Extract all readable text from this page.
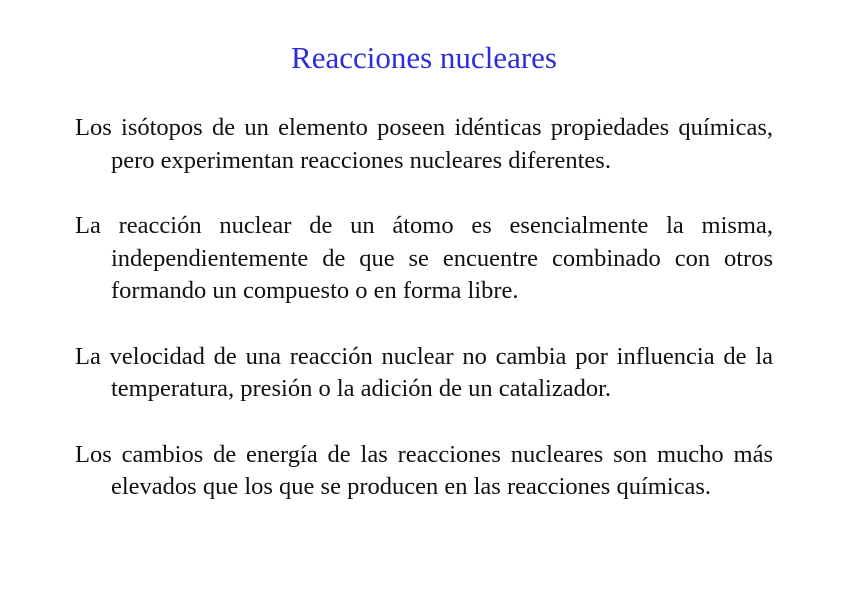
Reacciones nucleares

Los isótopos de un elemento poseen idénticas propiedades químicas, pero experimentan reacciones nucleares diferentes.

La reacción nuclear de un átomo es esencialmente la misma, independientemente de que se encuentre combinado con otros formando un compuesto o en forma libre.

La velocidad de una reacción nuclear no cambia por influencia de la temperatura, presión o la adición de un catalizador.

Los cambios de energía de las reacciones nucleares son mucho más elevados que los que se producen en las reacciones químicas.
